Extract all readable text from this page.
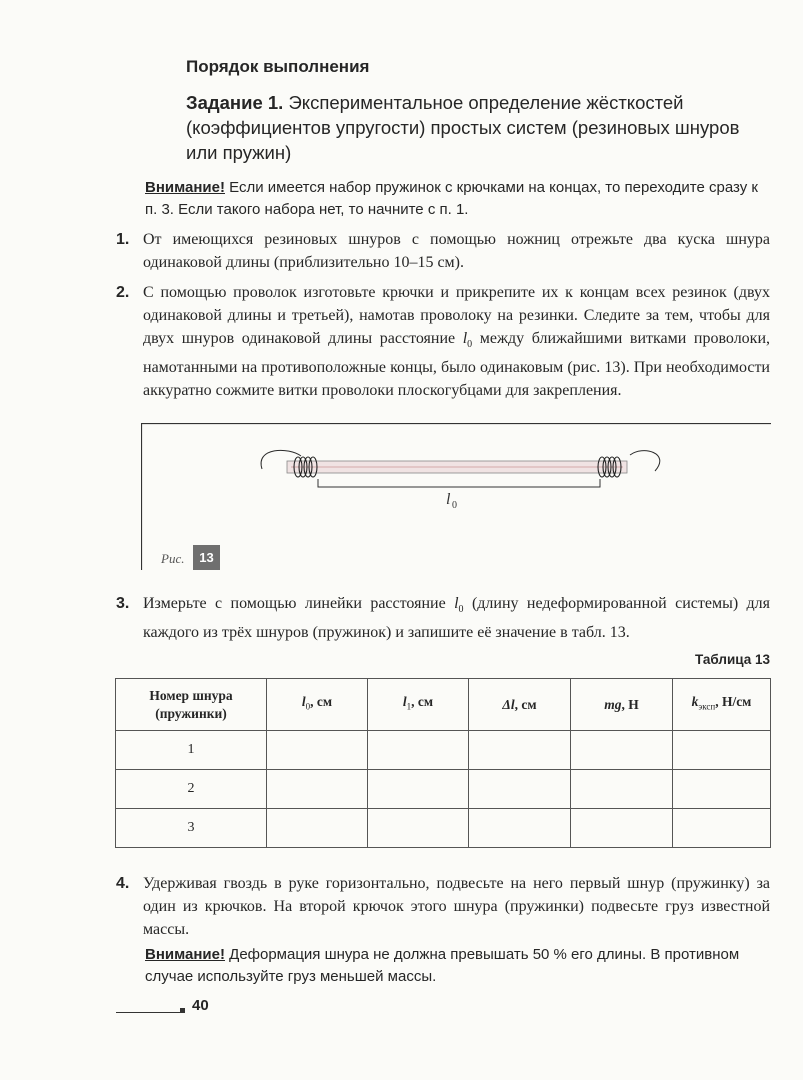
Порядок выполнения
Задание 1. Экспериментальное определение жёсткостей (коэффициентов упругости) простых систем (резиновых шнуров или пружин)
Внимание! Если имеется набор пружинок с крючками на концах, то переходите сразу к п. 3. Если такого набора нет, то начните с п. 1.
1. От имеющихся резиновых шнуров с помощью ножниц отрежьте два куска шнура одинаковой длины (приблизительно 10–15 см).
2. С помощью проволок изготовьте крючки и прикрепите их к концам всех резинок (двух одинаковой длины и третьей), намотав проволоку на резинки. Следите за тем, чтобы для двух шнуров одинаковой длины расстояние $l_0$ между ближайшими витками проволоки, намотанными на противоположные концы, было одинаковым (рис. 13). При необходимости аккуратно сожмите витки проволоки плоскогубцами для закрепления.
l 0
Рис.	13
3. Измерьте с помощью линейки расстояние $l_0$ (длину недеформированной системы) для каждого из трёх шнуров (пружинок) и запишите её значение в табл. 13.
Таблица 13
Номер шнура (пружинки)	$l_0$, см	$l_1$, см	Δl, см	mg, Н	$k_{эксп}$, Н/см
1					
2					
3					
4. Удерживая гвоздь в руке горизонтально, подвесьте на него первый шнур (пружинку) за один из крючков. На второй крючок этого шнура (пружинки) подвесьте груз известной массы.
Внимание! Деформация шнура не должна превышать 50 % его длины. В противном случае используйте груз меньшей массы.
40
